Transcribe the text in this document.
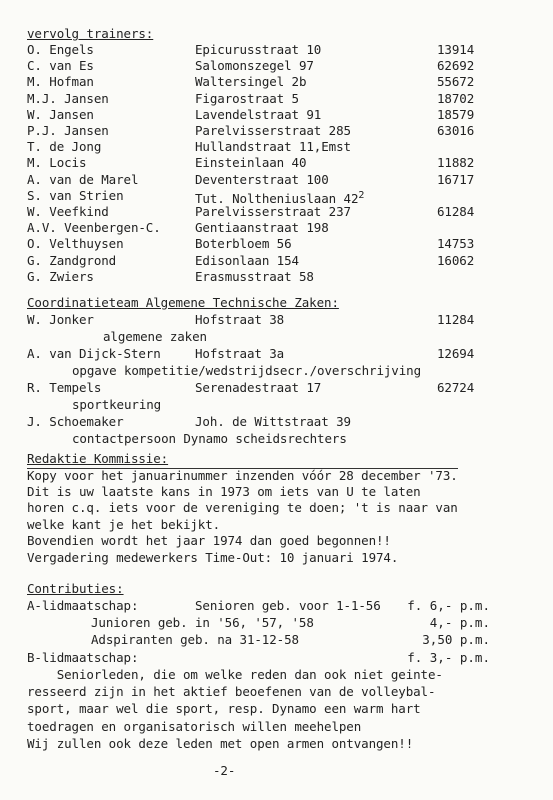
vervolg trainers:
O. Engels	Epicurusstraat 10	13914
C. van Es	Salomonszegel 97	62692
M. Hofman	Waltersingel 2b	55672
M.J. Jansen	Figarostraat 5	18702
W. Jansen	Lavendelstraat 91	18579
P.J. Jansen	Parelvisserstraat 285	63016
T. de Jong	Hullandstraat 11,Emst
M. Locis	Einsteinlaan 40	11882
A. van de Marel	Deventerstraat 100	16717
S. van Strien	Tut. Noltheniuslaan $42^2$
W. Veefkind	Parelvisserstraat 237	61284
A.V. Veenbergen-C.	Gentiaanstraat 198
O. Velthuysen	Boterbloem 56	14753
G. Zandgrond	Edisonlaan 154	16062
G. Zwiers	Erasmusstraat 58
Coordinatieteam Algemene Technische Zaken:
W. Jonker	Hofstraat 38	11284
algemene zaken
A. van Dijck-Stern	Hofstraat 3a	12694
opgave kompetitie/wedstrijdsecr./overschrijving
R. Tempels	Serenadestraat 17	62724
sportkeuring
J. Schoemaker	Joh. de Wittstraat 39
contactpersoon Dynamo scheidsrechters
Redaktie Kommissie:
Kopy voor het januarinummer inzenden vóór 28 december '73.
Dit is uw laatste kans in 1973 om iets van U te laten
horen c.q. iets voor de vereniging te doen; 't is naar van
welke kant je het bekijkt.
Bovendien wordt het jaar 1974 dan goed begonnen!!
Vergadering medewerkers Time-Out: 10 januari 1974.
Contributies:
A-lidmaatschap:	Senioren geb. voor 1-1-56 f. 6,- p.m.
Junioren geb. in '56, '57, '58	4,- p.m.
Adspiranten geb. na 31-12-58	3,50 p.m.
B-lidmaatschap:	f. 3,- p.m.
Seniorleden, die om welke reden dan ook niet geinte-
resseerd zijn in het aktief beoefenen van de volleybal-
sport, maar wel die sport, resp. Dynamo een warm hart
toedragen en organisatorisch willen meehelpen
Wij zullen ook deze leden met open armen ontvangen!!
-2-
